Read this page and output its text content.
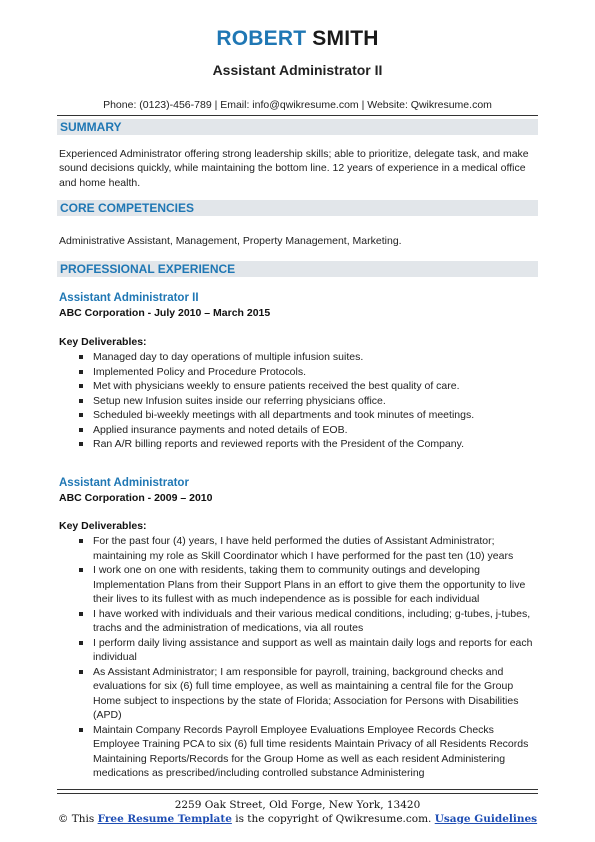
ROBERT SMITH
Assistant Administrator II
Phone: (0123)-456-789 | Email: info@qwikresume.com | Website: Qwikresume.com
SUMMARY
Experienced Administrator offering strong leadership skills; able to prioritize, delegate task, and make sound decisions quickly, while maintaining the bottom line. 12 years of experience in a medical office and home health.
CORE COMPETENCIES
Administrative Assistant, Management, Property Management, Marketing.
PROFESSIONAL EXPERIENCE
Assistant Administrator II
ABC Corporation - July 2010 – March 2015
Key Deliverables:
Managed day to day operations of multiple infusion suites.
Implemented Policy and Procedure Protocols.
Met with physicians weekly to ensure patients received the best quality of care.
Setup new Infusion suites inside our referring physicians office.
Scheduled bi-weekly meetings with all departments and took minutes of meetings.
Applied insurance payments and noted details of EOB.
Ran A/R billing reports and reviewed reports with the President of the Company.
Assistant Administrator
ABC Corporation - 2009 – 2010
Key Deliverables:
For the past four (4) years, I have held performed the duties of Assistant Administrator; maintaining my role as Skill Coordinator which I have performed for the past ten (10) years
I work one on one with residents, taking them to community outings and developing Implementation Plans from their Support Plans in an effort to give them the opportunity to live their lives to its fullest with as much independence as is possible for each individual
I have worked with individuals and their various medical conditions, including; g-tubes, j-tubes, trachs and the administration of medications, via all routes
I perform daily living assistance and support as well as maintain daily logs and reports for each individual
As Assistant Administrator; I am responsible for payroll, training, background checks and evaluations for six (6) full time employee, as well as maintaining a central file for the Group Home subject to inspections by the state of Florida; Association for Persons with Disabilities (APD)
Maintain Company Records Payroll Employee Evaluations Employee Records Checks Employee Training PCA to six (6) full time residents Maintain Privacy of all Residents Records Maintaining Reports/Records for the Group Home as well as each resident Administering medications as prescribed/including controlled substance Administering
2259 Oak Street, Old Forge, New York, 13420
© This Free Resume Template is the copyright of Qwikresume.com. Usage Guidelines
